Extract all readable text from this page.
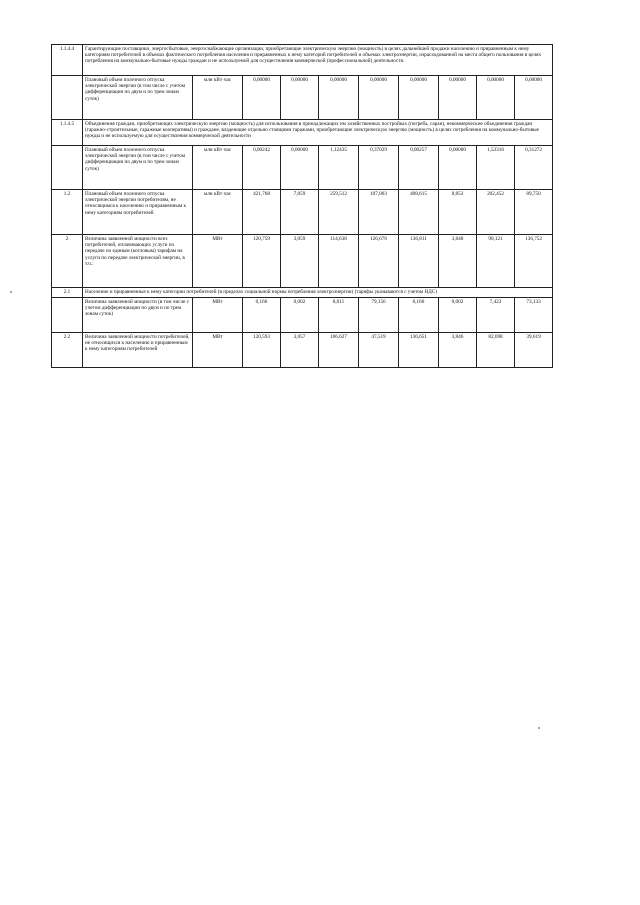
1.1.4.4	Гарантирующие поставщики, энергосбытовые, энергоснабжающие организации, приобретающие электрическую энергию (мощность) в целях дальнейшей продажи населению и приравненным к нему категориям потребителей в объемах фактического потребления населения и приравненных к нему категорий потребителей и объемах электроэнергии, израсходованной на места общего пользования в целях потребления на коммунально-бытовые нужды граждан и не используемой для осуществления коммерческой (профессиональной) деятельности.									
	Плановый объем полезного отпуска электрической энергии (в том числе с учетом дифференциации по двум и по трем зонам суток)	млн кВт·час	0,00000	0,00000	0,00000	0,00000	0,00000	0,00000	0,00000	0,00000
1.1.4.5	Объединения граждан, приобретающих электрическую энергию (мощность) для использования в принадлежащих им хозяйственных постройках (погреба, сараи), некоммерческие объединения граждан (гаражно-строительные, гаражные кооперативы) и граждане, владеющие отдельно стоящими гаражами, приобретающие электрическую энергию (мощность) в целях потребления на коммунально-бытовые нужды и не используемую для осуществления коммерческой деятельности									
	Плановый объем полезного отпуска электрической энергии (в том числе с учетом дифференциации по двум и по трем зонам суток)	млн кВт·час	0,00242	0,00000	1,12435	0,37029	0,00257	0,00000	1,53316	0,31272
1.2	Плановый объем полезного отпуска электрической энергии потребителям, не относящимся к населению и приравненным к нему категориям потребителей	млн кВт·час	421,768	7,059	259,512	107,003	408,615	8,853	202,452	89,750
2	Величина заявленной мощности всех потребителей, оплачивающих услуги по передаче по единым (котловым) тарифам на услуги по передаче электрической энергии, в т.ч.:	МВт	120,759	3,059	114,638	126,676	136,811	3,848	90,121	136,752
2.1	Население и приравненные к нему категории потребителей (в пределах социальной нормы потребления электроэнергии) (тарифы указываются с учетом НДС)									
	Величина заявленной мощности (в том числе с учетом дифференциации по двум и по трем зонам суток)	МВт	0,166	0,002	8,011	79,156	0,160	0,002	7,423	73,133
2.2	Величина заявленной мощности потребителей, не относящихся к населению и приравненным к нему категориям потребителей	МВт	120,593	3,057	106,627	47,519	136,651	3,846	82,698	39,619
